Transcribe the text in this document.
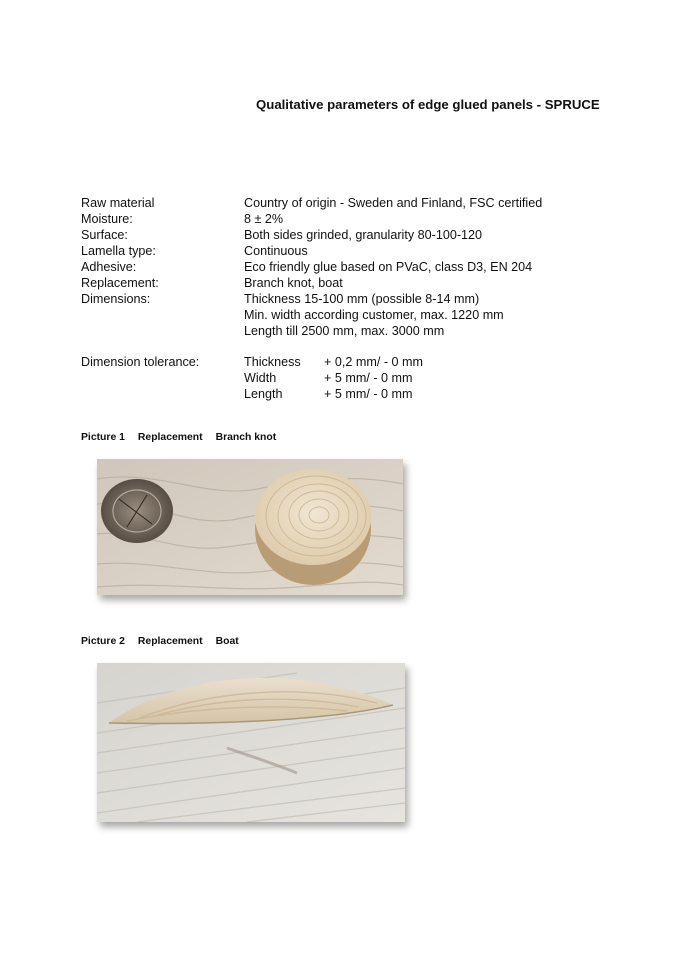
Qualitative parameters of edge glued panels - SPRUCE
Raw material	Country of origin - Sweden and Finland, FSC certified
Moisture:	8 ± 2%
Surface:	Both sides grinded, granularity 80-100-120
Lamella type:	Continuous
Adhesive:	Eco friendly glue based on PVaC, class D3, EN 204
Replacement:	Branch knot, boat
Dimensions:	Thickness 15-100 mm (possible 8-14 mm)
Min. width according customer, max. 1220 mm
Length till 2500 mm, max. 3000 mm
Dimension tolerance:	Thickness + 0,2 mm/ - 0 mm
Width	+ 5 mm/ - 0 mm
Length	+ 5 mm/ - 0 mm
Picture 1 Replacement Branch knot
Picture 2 Replacement Boat
